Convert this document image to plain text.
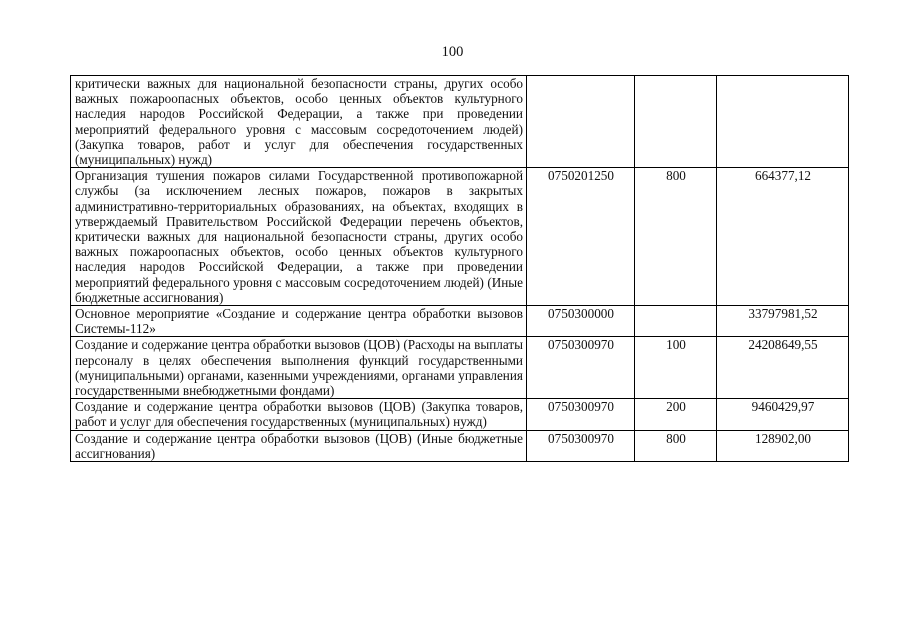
100
критически важных для национальной безопасности страны, других особо важных пожароопасных объектов, особо ценных объектов культурного наследия народов Российской Федерации, а также при проведении мероприятий федерального уровня с массовым сосредоточением людей) (Закупка товаров, работ и услуг для обеспечения государственных (муниципальных) нужд)			
Организация тушения пожаров силами Государственной противопожарной службы (за исключением лесных пожаров, пожаров в закрытых административно-территориальных образованиях, на объектах, входящих в утверждаемый Правительством Российской Федерации перечень объектов, критически важных для национальной безопасности страны, других особо важных пожароопасных объектов, особо ценных объектов культурного наследия народов Российской Федерации, а также при проведении мероприятий федерального уровня с массовым сосредоточением людей) (Иные бюджетные ассигнования)	0750201250	800	664377,12
Основное мероприятие «Создание и содержание центра обработки вызовов Системы-112»	0750300000		33797981,52
Создание и содержание центра обработки вызовов (ЦОВ) (Расходы на выплаты персоналу в целях обеспечения выполнения функций государственными (муниципальными) органами, казенными учреждениями, органами управления государственными внебюджетными фондами)	0750300970	100	24208649,55
Создание и содержание центра обработки вызовов (ЦОВ) (Закупка товаров, работ и услуг для обеспечения государственных (муниципальных) нужд)	0750300970	200	9460429,97
Создание и содержание центра обработки вызовов (ЦОВ) (Иные бюджетные ассигнования)	0750300970	800	128902,00
